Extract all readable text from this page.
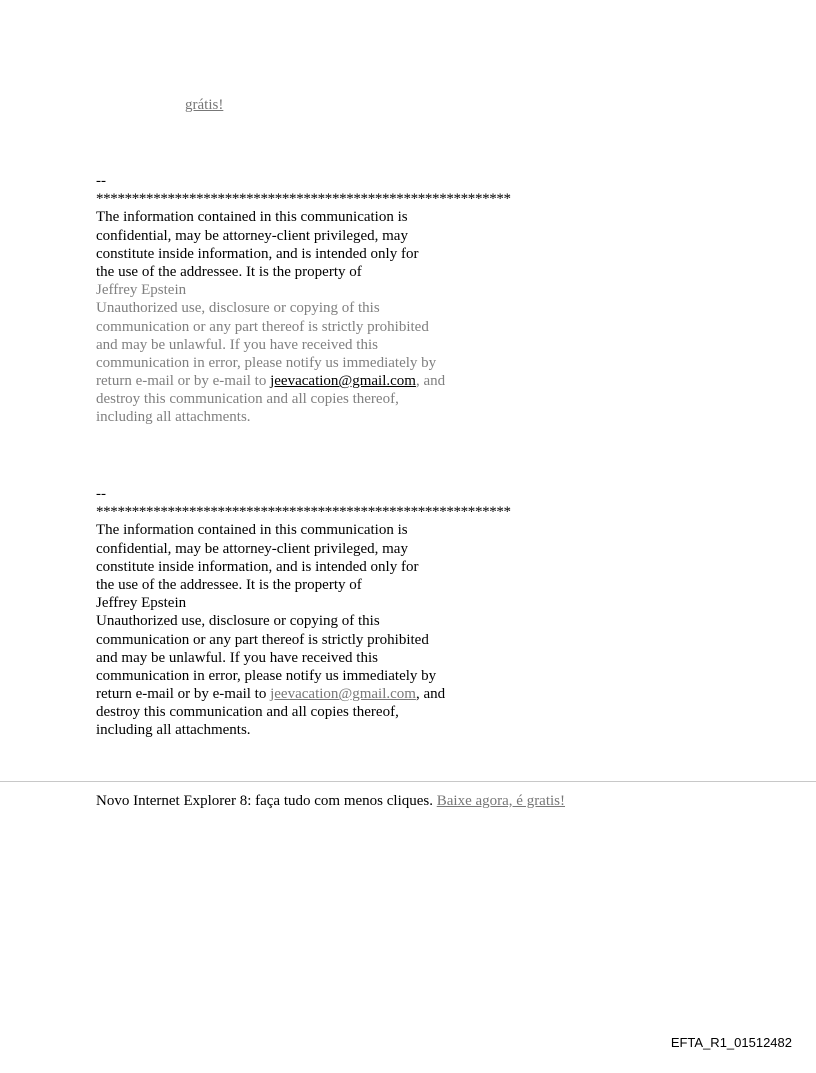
grátis!
--
**********************************************************
The information contained in this communication is
confidential, may be attorney-client privileged, may
constitute inside information, and is intended only for
the use of the addressee. It is the property of
Jeffrey Epstein
Unauthorized use, disclosure or copying of this
communication or any part thereof is strictly prohibited
and may be unlawful. If you have received this
communication in error, please notify us immediately by
return e-mail or by e-mail to jeevacation@gmail.com, and
destroy this communication and all copies thereof,
including all attachments.
--
**********************************************************
The information contained in this communication is
confidential, may be attorney-client privileged, may
constitute inside information, and is intended only for
the use of the addressee. It is the property of
Jeffrey Epstein
Unauthorized use, disclosure or copying of this
communication or any part thereof is strictly prohibited
and may be unlawful. If you have received this
communication in error, please notify us immediately by
return e-mail or by e-mail to jeevacation@gmail.com, and
destroy this communication and all copies thereof,
including all attachments.
Novo Internet Explorer 8: faça tudo com menos cliques. Baixe agora, é gratis!
EFTA_R1_01512482
